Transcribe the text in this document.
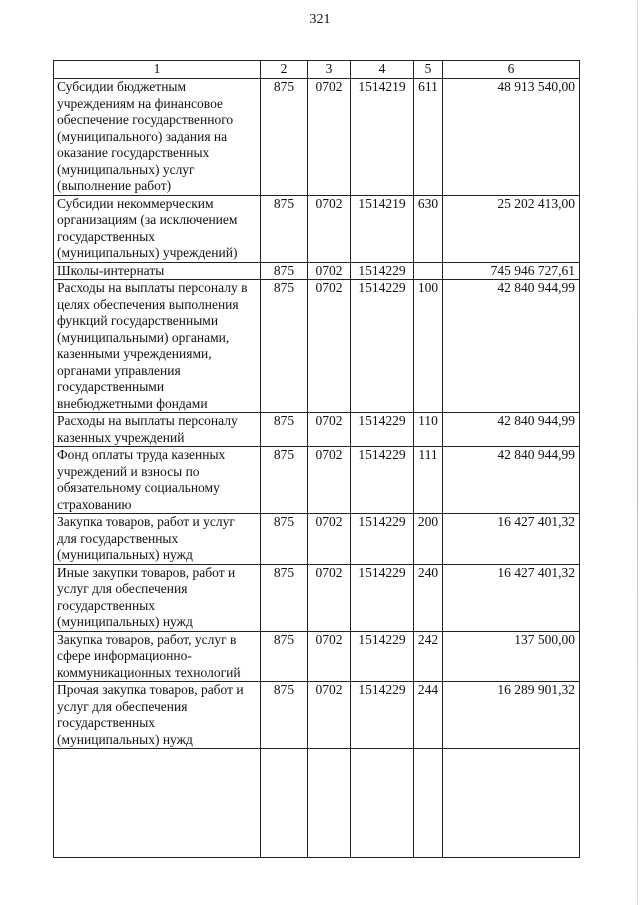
321
1	2	3	4	5	6
Субсидии бюджетным учреждениям на финансовое обеспечение государственного (муниципального) задания на оказание государственных (муниципальных) услуг (выполнение работ)	875	0702	1514219	611	48 913 540,00
Субсидии некоммерческим организациям (за исключением государственных (муниципальных) учреждений)	875	0702	1514219	630	25 202 413,00
Школы-интернаты	875	0702	1514229		745 946 727,61
Расходы на выплаты персоналу в целях обеспечения выполнения функций государственными (муниципальными) органами, казенными учреждениями, органами управления государственными внебюджетными фондами	875	0702	1514229	100	42 840 944,99
Расходы на выплаты персоналу казенных учреждений	875	0702	1514229	110	42 840 944,99
Фонд оплаты труда казенных учреждений и взносы по обязательному социальному страхованию	875	0702	1514229	111	42 840 944,99
Закупка товаров, работ и услуг для государственных (муниципальных) нужд	875	0702	1514229	200	16 427 401,32
Иные закупки товаров, работ и услуг для обеспечения государственных (муниципальных) нужд	875	0702	1514229	240	16 427 401,32
Закупка товаров, работ, услуг в сфере информационно-коммуникационных технологий	875	0702	1514229	242	137 500,00
Прочая закупка товаров, работ и услуг для обеспечения государственных (муниципальных) нужд	875	0702	1514229	244	16 289 901,32
